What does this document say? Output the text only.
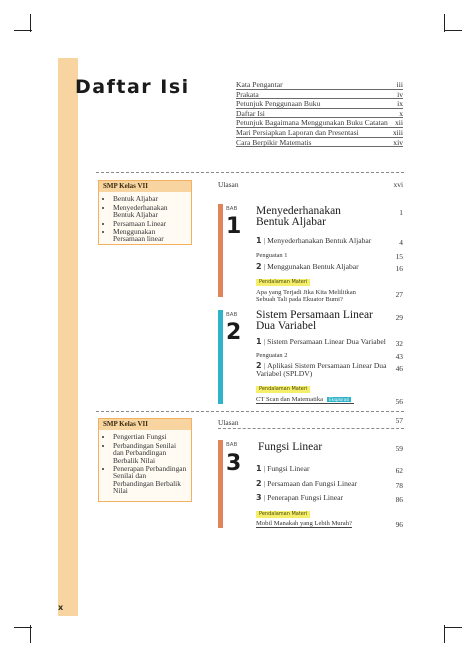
Daftar Isi	Kata Pengantar	iii
Prakata	iv
Petunjuk Penggunaan Buku	ix
Daftar Isi	x
Petunjuk Bagaimana Menggunakan Buku Catatan xii
Mari Persiapkan Laporan dan Presentasi	xiii
Cara Berpikir Matematis	xiv
Ulasan	xvi
SMP Kelas VII
• Bentuk Aljabar
• Menyederhanakan Bentuk Aljabar
• Persamaan Linear
• Menggunakan Persamaan linear
BAB
1
Menyederhanakan Bentuk Aljabar
1
1 | Menyederhanakan Bentuk Aljabar	4
Penguatan 1	15
2 | Menggunakan Bentuk Aljabar	16
Pendalaman Materi
Apa yang Terjadi Jika Kita Melilitkan Sebuah Tali pada Ekuator Bumi?
27
BAB
2
Sistem Persamaan Linear Dua Variabel
29
1 | Sistem Persamaan Linear Dua Variabel	32
Penguatan 2	43
2 | Aplikasi Sistem Persamaan Linear Dua Variabel (SPLDV)
46
Pendalaman Materi
CT Scan dan Matematika Eksplorasi	56
Ulasan	57
SMP Kelas VII
• Pengertian Fungsi
• Perbandingan Senilai dan Perbandingan Berbalik Nilai
• Penerapan Perbandingan Senilai dan Perbandingan Berbalik Nilai
BAB
3
Fungsi Linear	59
1 | Fungsi Linear	62
2 | Persamaan dan Fungsi Linear	78
3 | Penerapan Fungsi Linear	86
Pendalaman Materi
Mobil Manakah yang Lebih Murah?	96
x
